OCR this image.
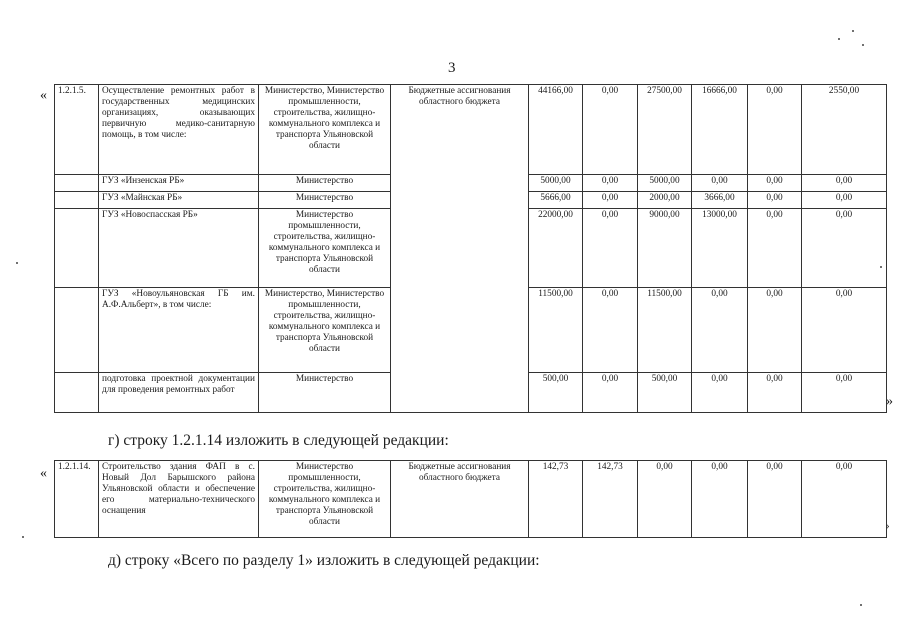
3
«
»
1.2.1.5.	Осуществление ремонтных работ в государственных медицинских организациях, оказывающих первичную медико-санитарную помощь, в том числе:	Министерство, Министерство промышленности, строительства, жилищно-коммунального комплекса и транспорта Ульяновской области	Бюджетные ассигнования областного бюджета	44166,00	0,00	27500,00	16666,00	0,00	2550,00
	ГУЗ «Инзенская РБ»	Министерство		5000,00	0,00	5000,00	0,00	0,00	0,00
	ГУЗ «Майнская РБ»	Министерство		5666,00	0,00	2000,00	3666,00	0,00	0,00
	ГУЗ «Новоспасская РБ»	Министерство промышленности, строительства, жилищно-коммунального комплекса и транспорта Ульяновской области		22000,00	0,00	9000,00	13000,00	0,00	0,00
	ГУЗ «Новоульяновская ГБ им. А.Ф.Альберт», в том числе:	Министерство, Министерство промышленности, строительства, жилищно-коммунального комплекса и транспорта Ульяновской области		11500,00	0,00	11500,00	0,00	0,00	0,00
	подготовка проектной документации для проведения ремонтных работ	Министерство		500,00	0,00	500,00	0,00	0,00	0,00
г) строку 1.2.1.14 изложить в следующей редакции:
«
›
1.2.1.14.	Строительство здания ФАП в с. Новый Дол Барышского района Ульяновской области и обеспечение его материально-технического оснащения	Министерство промышленности, строительства, жилищно-коммунального комплекса и транспорта Ульяновской области	Бюджетные ассигнования областного бюджета	142,73	142,73	0,00	0,00	0,00	0,00
д) строку «Всего по разделу 1» изложить в следующей редакции:
